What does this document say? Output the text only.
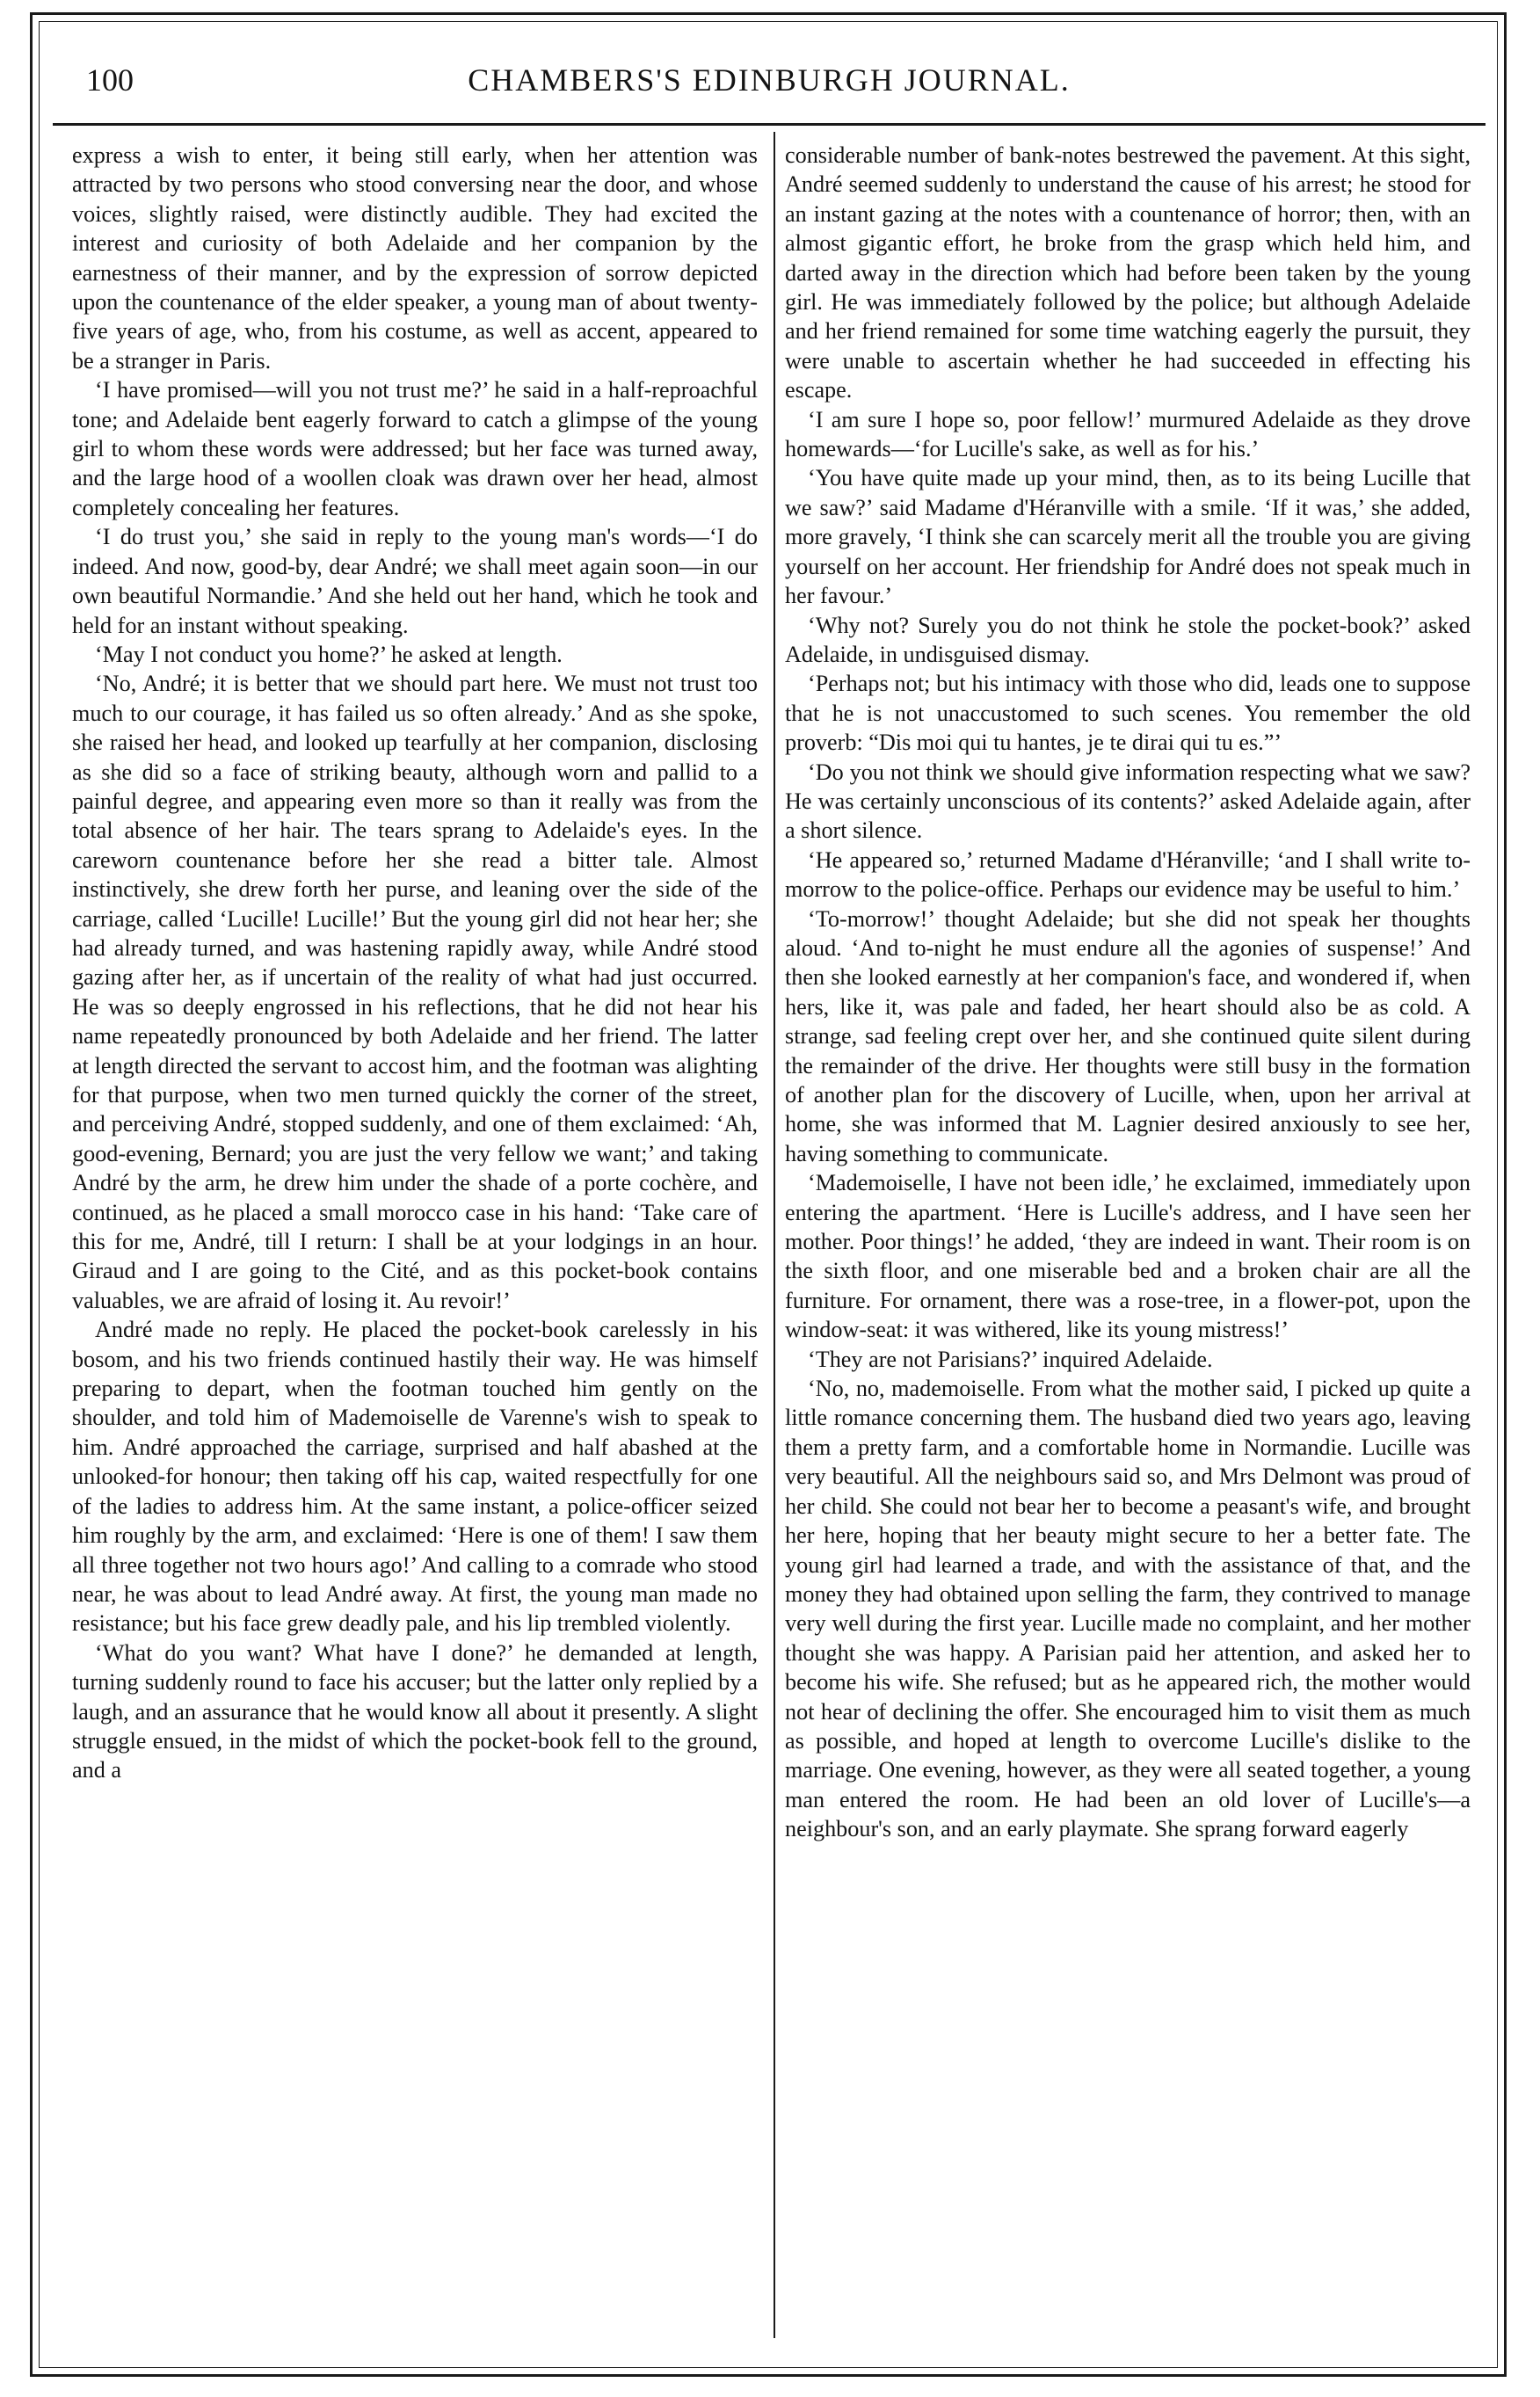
100	CHAMBERS'S EDINBURGH JOURNAL.

express a wish to enter, it being still early, when her attention was attracted by two persons who stood conversing near the door, and whose voices, slightly raised, were distinctly audible. They had excited the interest and curiosity of both Adelaide and her companion by the earnestness of their manner, and by the expression of sorrow depicted upon the countenance of the elder speaker, a young man of about twenty-five years of age, who, from his costume, as well as accent, appeared to be a stranger in Paris.

‘I have promised—will you not trust me?’ he said in a half-reproachful tone; and Adelaide bent eagerly forward to catch a glimpse of the young girl to whom these words were addressed; but her face was turned away, and the large hood of a woollen cloak was drawn over her head, almost completely concealing her features.

‘I do trust you,’ she said in reply to the young man's words—‘I do indeed. And now, good-by, dear André; we shall meet again soon—in our own beautiful Normandie.’ And she held out her hand, which he took and held for an instant without speaking.

‘May I not conduct you home?’ he asked at length.

‘No, André; it is better that we should part here. We must not trust too much to our courage, it has failed us so often already.’ And as she spoke, she raised her head, and looked up tearfully at her companion, disclosing as she did so a face of striking beauty, although worn and pallid to a painful degree, and appearing even more so than it really was from the total absence of her hair. The tears sprang to Adelaide's eyes. In the careworn countenance before her she read a bitter tale. Almost instinctively, she drew forth her purse, and leaning over the side of the carriage, called ‘Lucille! Lucille!’ But the young girl did not hear her; she had already turned, and was hastening rapidly away, while André stood gazing after her, as if uncertain of the reality of what had just occurred. He was so deeply engrossed in his reflections, that he did not hear his name repeatedly pronounced by both Adelaide and her friend. The latter at length directed the servant to accost him, and the footman was alighting for that purpose, when two men turned quickly the corner of the street, and perceiving André, stopped suddenly, and one of them exclaimed: ‘Ah, good-evening, Bernard; you are just the very fellow we want;’ and taking André by the arm, he drew him under the shade of a porte cochère, and continued, as he placed a small morocco case in his hand: ‘Take care of this for me, André, till I return: I shall be at your lodgings in an hour. Giraud and I are going to the Cité, and as this pocket-book contains valuables, we are afraid of losing it. Au revoir!’

André made no reply. He placed the pocket-book carelessly in his bosom, and his two friends continued hastily their way. He was himself preparing to depart, when the footman touched him gently on the shoulder, and told him of Mademoiselle de Varenne's wish to speak to him. André approached the carriage, surprised and half abashed at the unlooked-for honour; then taking off his cap, waited respectfully for one of the ladies to address him. At the same instant, a police-officer seized him roughly by the arm, and exclaimed: ‘Here is one of them! I saw them all three together not two hours ago!’ And calling to a comrade who stood near, he was about to lead André away. At first, the young man made no resistance; but his face grew deadly pale, and his lip trembled violently.

‘What do you want? What have I done?’ he demanded at length, turning suddenly round to face his accuser; but the latter only replied by a laugh, and an assurance that he would know all about it presently. A slight struggle ensued, in the midst of which the pocket-book fell to the ground, and a

considerable number of bank-notes bestrewed the pavement. At this sight, André seemed suddenly to understand the cause of his arrest; he stood for an instant gazing at the notes with a countenance of horror; then, with an almost gigantic effort, he broke from the grasp which held him, and darted away in the direction which had before been taken by the young girl. He was immediately followed by the police; but although Adelaide and her friend remained for some time watching eagerly the pursuit, they were unable to ascertain whether he had succeeded in effecting his escape.

‘I am sure I hope so, poor fellow!’ murmured Adelaide as they drove homewards—‘for Lucille's sake, as well as for his.’

‘You have quite made up your mind, then, as to its being Lucille that we saw?’ said Madame d'Héranville with a smile. ‘If it was,’ she added, more gravely, ‘I think she can scarcely merit all the trouble you are giving yourself on her account. Her friendship for André does not speak much in her favour.’

‘Why not? Surely you do not think he stole the pocket-book?’ asked Adelaide, in undisguised dismay.

‘Perhaps not; but his intimacy with those who did, leads one to suppose that he is not unaccustomed to such scenes. You remember the old proverb: “Dis moi qui tu hantes, je te dirai qui tu es.”’

‘Do you not think we should give information respecting what we saw? He was certainly unconscious of its contents?’ asked Adelaide again, after a short silence.

‘He appeared so,’ returned Madame d'Héranville; ‘and I shall write to-morrow to the police-office. Perhaps our evidence may be useful to him.’

‘To-morrow!’ thought Adelaide; but she did not speak her thoughts aloud. ‘And to-night he must endure all the agonies of suspense!’ And then she looked earnestly at her companion's face, and wondered if, when hers, like it, was pale and faded, her heart should also be as cold. A strange, sad feeling crept over her, and she continued quite silent during the remainder of the drive. Her thoughts were still busy in the formation of another plan for the discovery of Lucille, when, upon her arrival at home, she was informed that M. Lagnier desired anxiously to see her, having something to communicate.

‘Mademoiselle, I have not been idle,’ he exclaimed, immediately upon entering the apartment. ‘Here is Lucille's address, and I have seen her mother. Poor things!’ he added, ‘they are indeed in want. Their room is on the sixth floor, and one miserable bed and a broken chair are all the furniture. For ornament, there was a rose-tree, in a flower-pot, upon the window-seat: it was withered, like its young mistress!’

‘They are not Parisians?’ inquired Adelaide.

‘No, no, mademoiselle. From what the mother said, I picked up quite a little romance concerning them. The husband died two years ago, leaving them a pretty farm, and a comfortable home in Normandie. Lucille was very beautiful. All the neighbours said so, and Mrs Delmont was proud of her child. She could not bear her to become a peasant's wife, and brought her here, hoping that her beauty might secure to her a better fate. The young girl had learned a trade, and with the assistance of that, and the money they had obtained upon selling the farm, they contrived to manage very well during the first year. Lucille made no complaint, and her mother thought she was happy. A Parisian paid her attention, and asked her to become his wife. She refused; but as he appeared rich, the mother would not hear of declining the offer. She encouraged him to visit them as much as possible, and hoped at length to overcome Lucille's dislike to the marriage. One evening, however, as they were all seated together, a young man entered the room. He had been an old lover of Lucille's—a neighbour's son, and an early playmate. She sprang forward eagerly
